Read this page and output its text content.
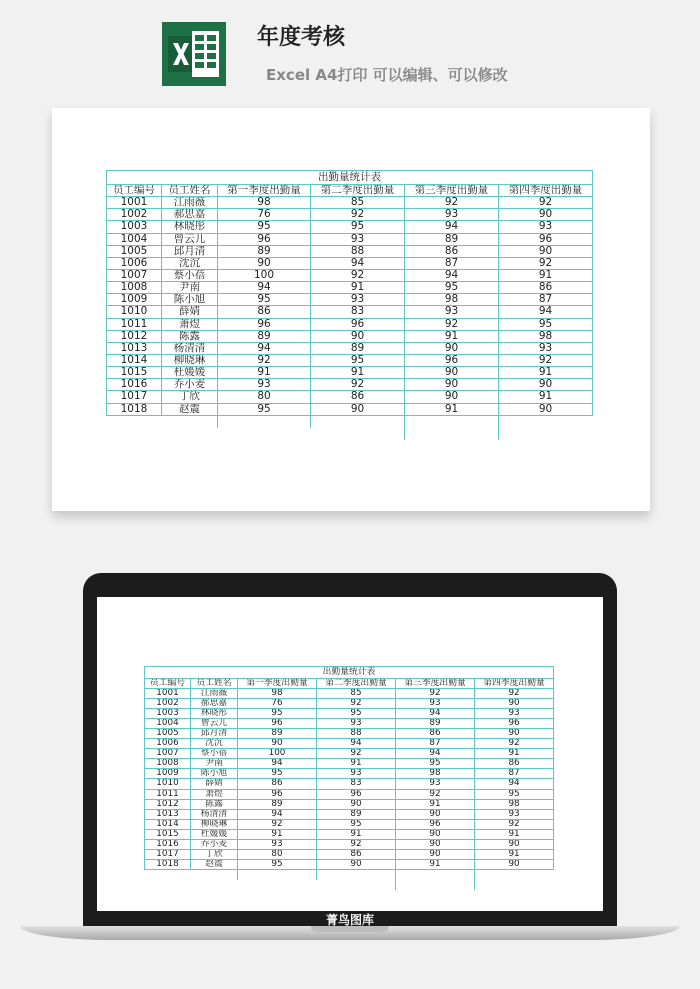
年度考核
Excel A4打印 可以编辑、可以修改
出勤量统计表					
员工编号	员工姓名	第一季度出勤量	第二季度出勤量	第三季度出勤量	第四季度出勤量
1001	江雨薇	98	85	92	92
1002	郝思嘉	76	92	93	90
1003	林晓彤	95	95	94	93
1004	曾云儿	96	93	89	96
1005	邱月清	89	88	86	90
1006	沈沉	90	94	87	92
1007	蔡小蓓	100	92	94	91
1008	尹南	94	91	95	86
1009	陈小旭	95	93	98	87
1010	薛婧	86	83	93	94
1011	萧煜	96	96	92	95
1012	陈露	89	90	91	98
1013	杨清清	94	89	90	93
1014	柳晓琳	92	95	96	92
1015	杜媛媛	91	91	90	91
1016	乔小麦	93	92	90	90
1017	丁欣	80	86	90	91
1018	赵震	95	90	91	90
出勤量统计表					
员工编号	员工姓名	第一季度出勤量	第二季度出勤量	第三季度出勤量	第四季度出勤量
1001	江雨薇	98	85	92	92
1002	郝思嘉	76	92	93	90
1003	林晓彤	95	95	94	93
1004	曾云儿	96	93	89	96
1005	邱月清	89	88	86	90
1006	沈沉	90	94	87	92
1007	蔡小蓓	100	92	94	91
1008	尹南	94	91	95	86
1009	陈小旭	95	93	98	87
1010	薛婧	86	83	93	94
1011	萧煜	96	96	92	95
1012	陈露	89	90	91	98
1013	杨清清	94	89	90	93
1014	柳晓琳	92	95	96	92
1015	杜媛媛	91	91	90	91
1016	乔小麦	93	92	90	90
1017	丁欣	80	86	90	91
1018	赵震	95	90	91	90
菁鸟图库
